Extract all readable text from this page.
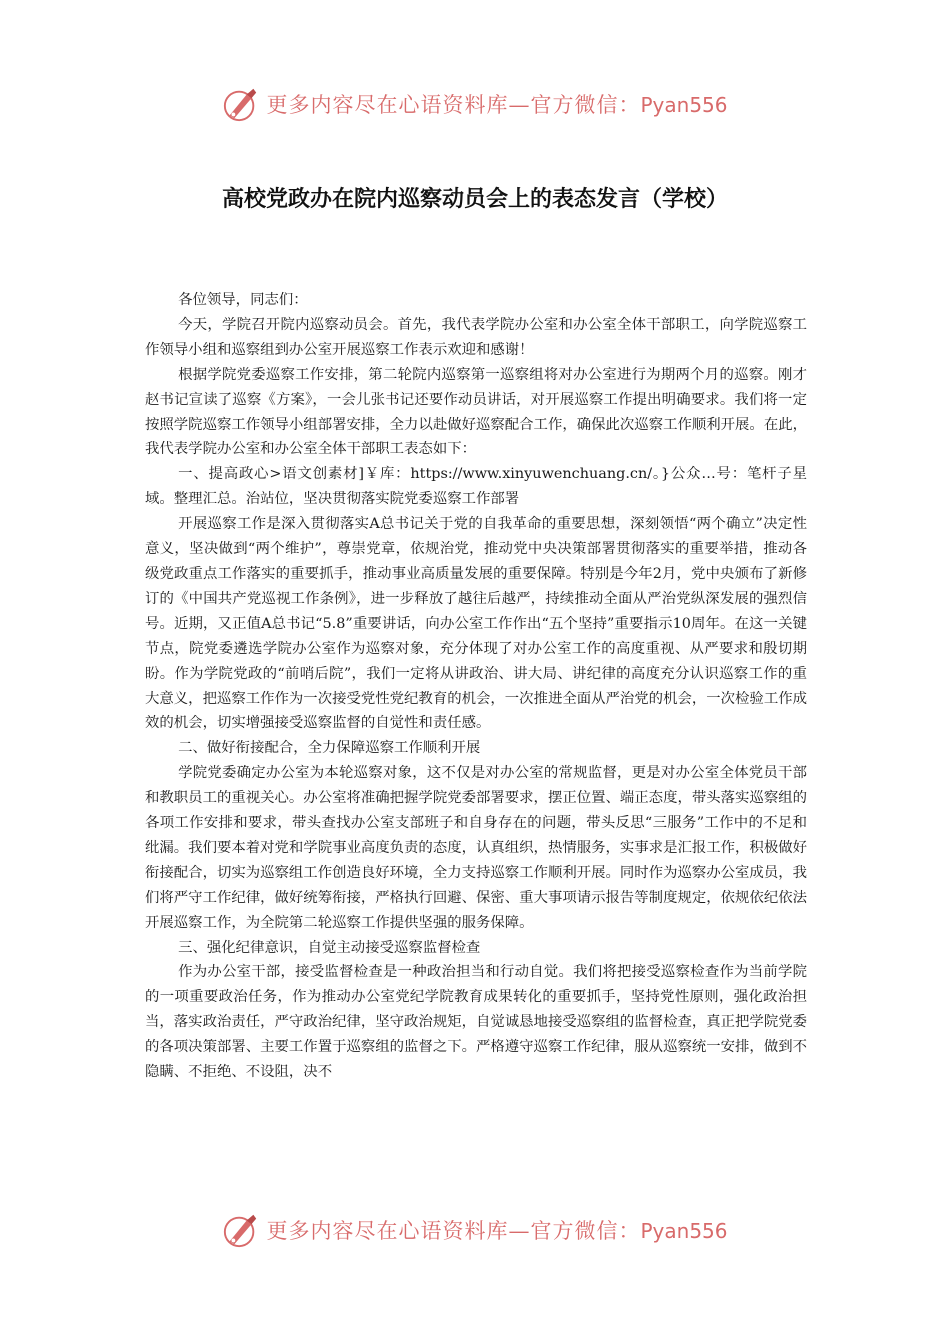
更多内容尽在心语资料库—官方微信：Pyan556
高校党政办在院内巡察动员会上的表态发言（学校）

各位领导，同志们：

今天，学院召开院内巡察动员会。首先，我代表学院办公室和办公室全体干部职工，向学院巡察工作领导小组和巡察组到办公室开展巡察工作表示欢迎和感谢！

根据学院党委巡察工作安排，第二轮院内巡察第一巡察组将对办公室进行为期两个月的巡察。刚才赵书记宣读了巡察《方案》，一会儿张书记还要作动员讲话，对开展巡察工作提出明确要求。我们将一定按照学院巡察工作领导小组部署安排，全力以赴做好巡察配合工作，确保此次巡察工作顺利开展。在此，我代表学院办公室和办公室全体干部职工表态如下：

一、提高政心>语文创素材]￥库：https://www.xinyuwenchuang.cn/。}公众…号：笔杆子星域。整理汇总。治站位，坚决贯彻落实院党委巡察工作部署

开展巡察工作是深入贯彻落实A总书记关于党的自我革命的重要思想，深刻领悟“两个确立”决定性意义，坚决做到“两个维护”，尊崇党章，依规治党，推动党中央决策部署贯彻落实的重要举措，推动各级党政重点工作落实的重要抓手，推动事业高质量发展的重要保障。特别是今年2月，党中央颁布了新修订的《中国共产党巡视工作条例》，进一步释放了越往后越严，持续推动全面从严治党纵深发展的强烈信号。近期，又正值A总书记“5.8”重要讲话，向办公室工作作出“五个坚持”重要指示10周年。在这一关键节点，院党委遴选学院办公室作为巡察对象，充分体现了对办公室工作的高度重视、从严要求和殷切期盼。作为学院党政的“前哨后院”，我们一定将从讲政治、讲大局、讲纪律的高度充分认识巡察工作的重大意义，把巡察工作作为一次接受党性党纪教育的机会，一次推进全面从严治党的机会，一次检验工作成效的机会，切实增强接受巡察监督的自觉性和责任感。

二、做好衔接配合，全力保障巡察工作顺利开展

学院党委确定办公室为本轮巡察对象，这不仅是对办公室的常规监督，更是对办公室全体党员干部和教职员工的重视关心。办公室将准确把握学院党委部署要求，摆正位置、端正态度，带头落实巡察组的各项工作安排和要求，带头查找办公室支部班子和自身存在的问题，带头反思“三服务”工作中的不足和纰漏。我们要本着对党和学院事业高度负责的态度，认真组织，热情服务，实事求是汇报工作，积极做好衔接配合，切实为巡察组工作创造良好环境，全力支持巡察工作顺利开展。同时作为巡察办公室成员，我们将严守工作纪律，做好统筹衔接，严格执行回避、保密、重大事项请示报告等制度规定，依规依纪依法开展巡察工作，为全院第二轮巡察工作提供坚强的服务保障。

三、强化纪律意识，自觉主动接受巡察监督检查

作为办公室干部，接受监督检查是一种政治担当和行动自觉。我们将把接受巡察检查作为当前学院的一项重要政治任务，作为推动办公室党纪学院教育成果转化的重要抓手，坚持党性原则，强化政治担当，落实政治责任，严守政治纪律，坚守政治规矩，自觉诚恳地接受巡察组的监督检查，真正把学院党委的各项决策部署、主要工作置于巡察组的监督之下。严格遵守巡察工作纪律，服从巡察统一安排，做到不隐瞒、不拒绝、不设阻，决不

更多内容尽在心语资料库—官方微信：Pyan556
